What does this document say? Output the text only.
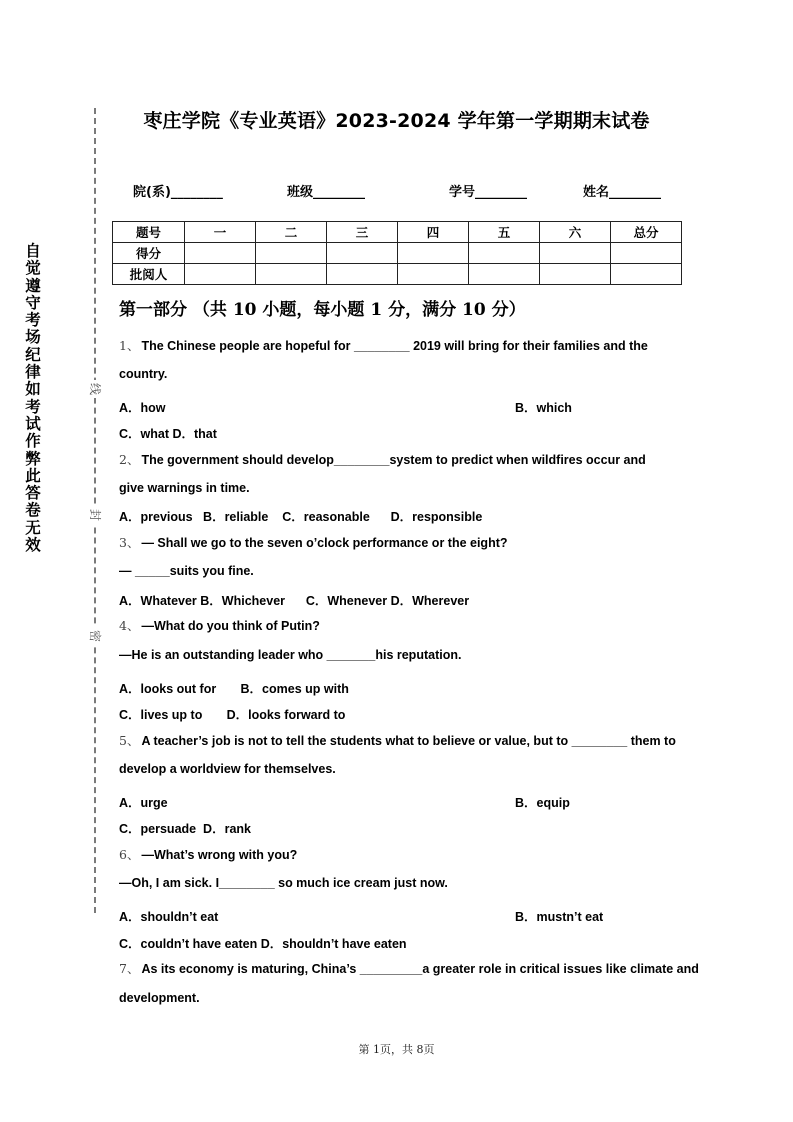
自觉遵守考场纪律如考试作弊此答卷无效
线
封
密
枣庄学院《专业英语》2023-2024 学年第一学期期末试卷
院(系)________	班级________	学号________	姓名________
题号	一	二	三	四	五	六	总分
得分							
批阅人							
第一部分 （共 10 小题，每小题 1 分，满分 10 分）
1、 The Chinese people are hopeful for ________ 2019 will bring for their families and the
country.
A．how	B．which
C．what D．that
2、 The government should develop________system to predict when wildfires occur and
give warnings in time.
A．previous   B．reliable    C．reasonable      D．responsible
3、 — Shall we go to the seven o’clock performance or the eight?
— _____suits you fine.
A．Whatever B．Whichever      C．Whenever D．Wherever
4、 —What do you think of Putin?
—He is an outstanding leader who _______his reputation.
A．looks out for       B．comes up with
C．lives up to       D．looks forward to
5、 A teacher’s job is not to tell the students what to believe or value, but to ________ them to
develop a worldview for themselves.
A．urge	B．equip
C．persuade  D．rank
6、 —What’s wrong with you?
—Oh, I am sick. I________ so much ice cream just now.
A．shouldn’t eat	B．mustn’t eat
C．couldn’t have eaten D．shouldn’t have eaten
7、 As its economy is maturing, China’s _________a greater role in critical issues like climate and
development.
第 1页，共 8页
